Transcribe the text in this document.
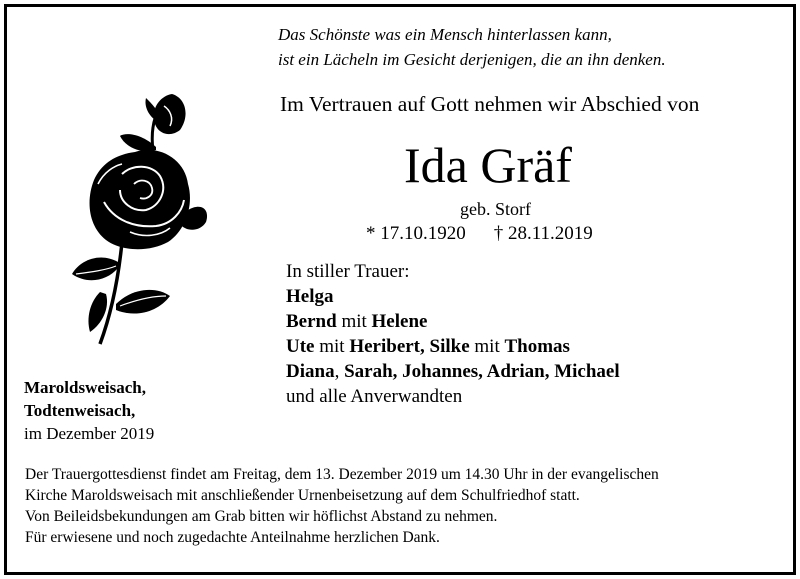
Das Schönste was ein Mensch hinterlassen kann,
ist ein Lächeln im Gesicht derjenigen, die an ihn denken.
Im Vertrauen auf Gott nehmen wir Abschied von
Ida Gräf
geb. Storf
* 17.10.1920 † 28.11.2019
In stiller Trauer:
Helga
Bernd mit Helene
Ute mit Heribert, Silke mit Thomas
Diana, Sarah, Johannes, Adrian, Michael
und alle Anverwandten
Maroldsweisach,
Todtenweisach,
im Dezember 2019
Der Trauergottesdienst findet am Freitag, dem 13. Dezember 2019 um 14.30 Uhr in der evangelischen
Kirche Maroldsweisach mit anschließender Urnenbeisetzung auf dem Schulfriedhof statt.
Von Beileidsbekundungen am Grab bitten wir höflichst Abstand zu nehmen.
Für erwiesene und noch zugedachte Anteilnahme herzlichen Dank.
